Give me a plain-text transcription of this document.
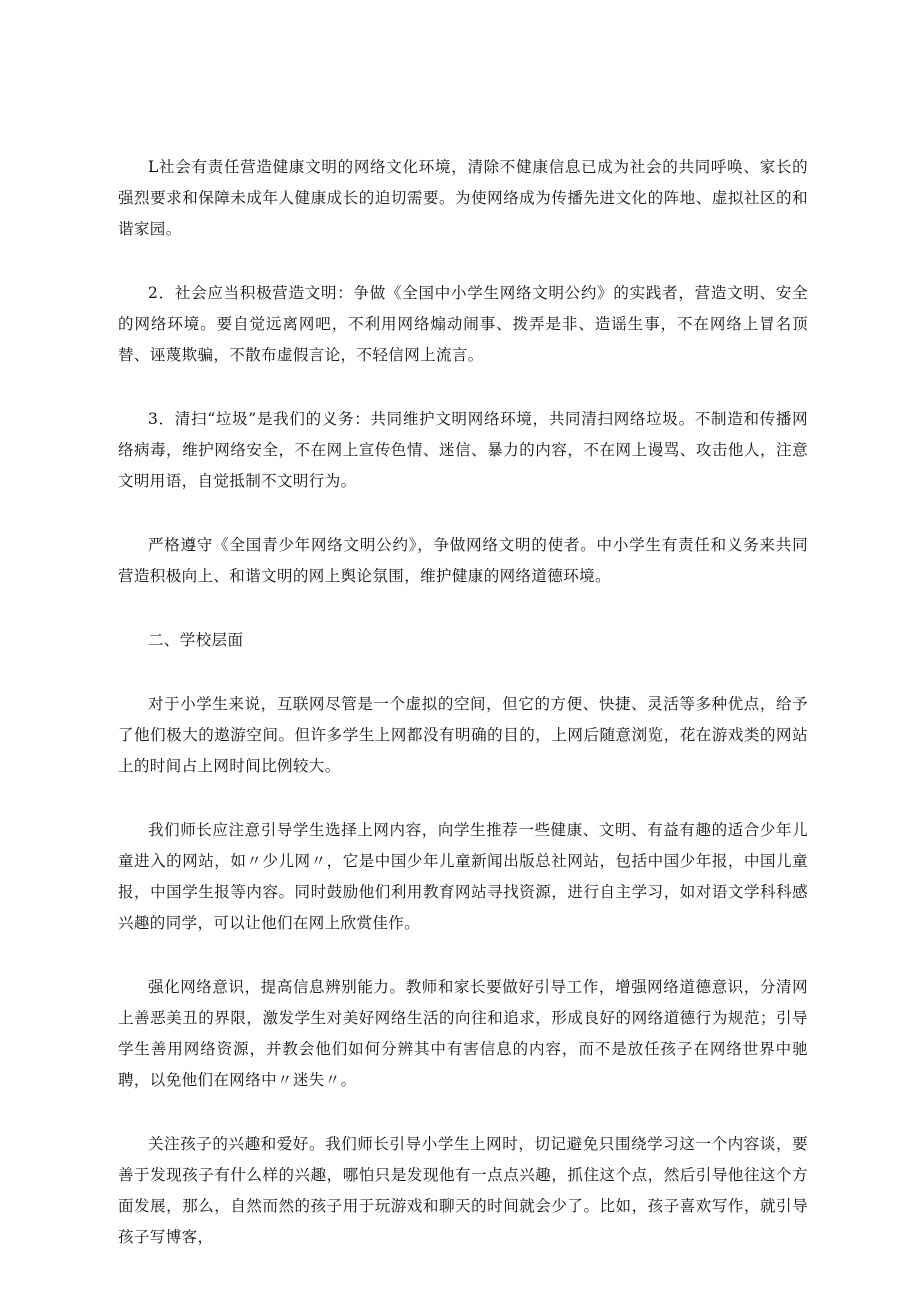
L社会有责任营造健康文明的网络文化环境，清除不健康信息已成为社会的共同呼唤、家长的强烈要求和保障未成年人健康成长的迫切需要。为使网络成为传播先进文化的阵地、虚拟社区的和谐家园。

2．社会应当积极营造文明：争做《全国中小学生网络文明公约》的实践者，营造文明、安全的网络环境。要自觉远离网吧，不利用网络煽动闹事、拨弄是非、造谣生事，不在网络上冒名顶替、诬蔑欺骗，不散布虚假言论，不轻信网上流言。

3．清扫“垃圾”是我们的义务：共同维护文明网络环境，共同清扫网络垃圾。不制造和传播网络病毒，维护网络安全，不在网上宣传色情、迷信、暴力的内容，不在网上谩骂、攻击他人，注意文明用语，自觉抵制不文明行为。

严格遵守《全国青少年网络文明公约》，争做网络文明的使者。中小学生有责任和义务来共同营造积极向上、和谐文明的网上舆论氛围，维护健康的网络道德环境。

二、学校层面

对于小学生来说，互联网尽管是一个虚拟的空间，但它的方便、快捷、灵活等多种优点，给予了他们极大的遨游空间。但许多学生上网都没有明确的目的，上网后随意浏览，花在游戏类的网站上的时间占上网时间比例较大。

我们师长应注意引导学生选择上网内容，向学生推荐一些健康、文明、有益有趣的适合少年儿童进入的网站，如〃少儿网〃，它是中国少年儿童新闻出版总社网站，包括中国少年报，中国儿童报，中国学生报等内容。同时鼓励他们利用教育网站寻找资源，进行自主学习，如对语文学科科感兴趣的同学，可以让他们在网上欣赏佳作。

强化网络意识，提高信息辨别能力。教师和家长要做好引导工作，增强网络道德意识，分清网上善恶美丑的界限，激发学生对美好网络生活的向往和追求，形成良好的网络道德行为规范；引导学生善用网络资源，并教会他们如何分辨其中有害信息的内容，而不是放任孩子在网络世界中驰聘，以免他们在网络中〃迷失〃。

关注孩子的兴趣和爱好。我们师长引导小学生上网时，切记避免只围绕学习这一个内容谈，要善于发现孩子有什么样的兴趣，哪怕只是发现他有一点点兴趣，抓住这个点，然后引导他往这个方面发展，那么，自然而然的孩子用于玩游戏和聊天的时间就会少了。比如，孩子喜欢写作，就引导孩子写博客，
